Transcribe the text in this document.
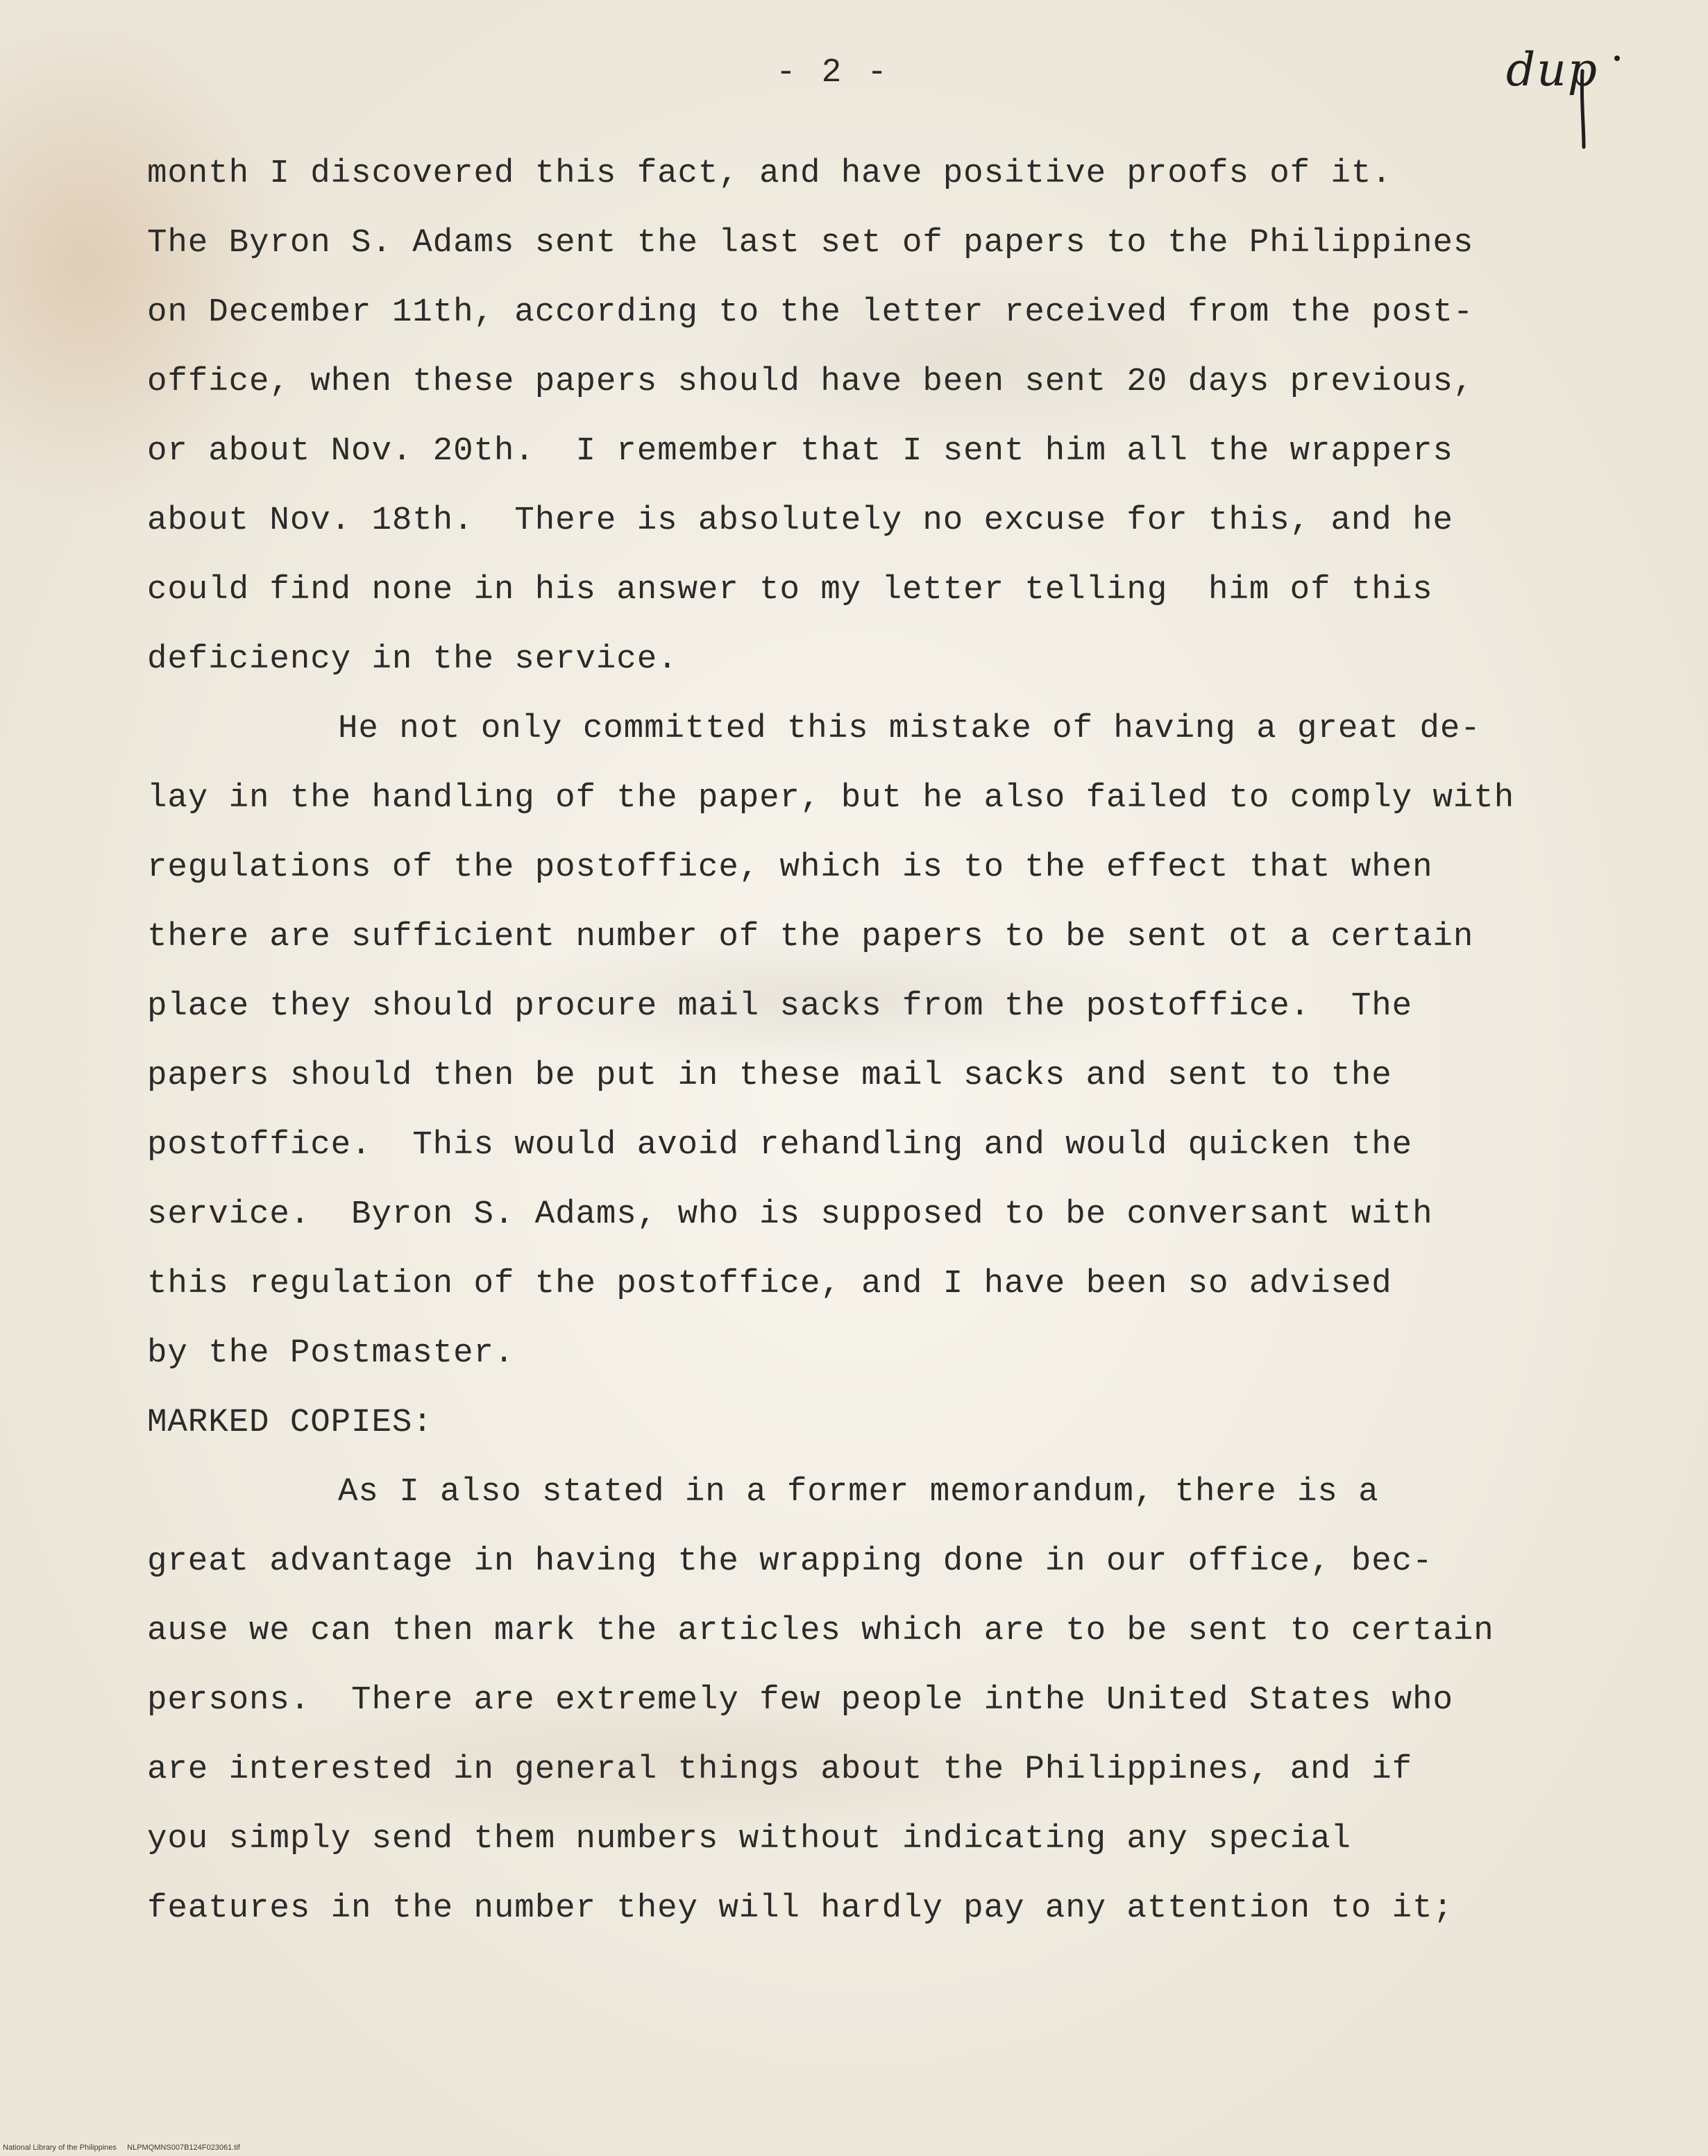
- 2 -	dup
month I discovered this fact, and have positive proofs of it.
The Byron S. Adams sent the last set of papers to the Philippines
on December 11th, according to the letter received from the post-
office, when these papers should have been sent 20 days previous,
or about Nov. 20th.  I remember that I sent him all the wrappers
about Nov. 18th.  There is absolutely no excuse for this, and he
could find none in his answer to my letter telling  him of this
deficiency in the service.
He not only committed this mistake of having a great de-
lay in the handling of the paper, but he also failed to comply with
regulations of the postoffice, which is to the effect that when
there are sufficient number of the papers to be sent ot a certain
place they should procure mail sacks from the postoffice.  The
papers should then be put in these mail sacks and sent to the
postoffice.  This would avoid rehandling and would quicken the
service.  Byron S. Adams, who is supposed to be conversant with
this regulation of the postoffice, and I have been so advised
by the Postmaster.
MARKED COPIES:
As I also stated in a former memorandum, there is a
great advantage in having the wrapping done in our office, bec-
ause we can then mark the articles which are to be sent to certain
persons.  There are extremely few people inthe United States who
are interested in general things about the Philippines, and if
you simply send them numbers without indicating any special
features in the number they will hardly pay any attention to it;
National Library of the Philippines     NLPMQMNS007B124F023061.tif
